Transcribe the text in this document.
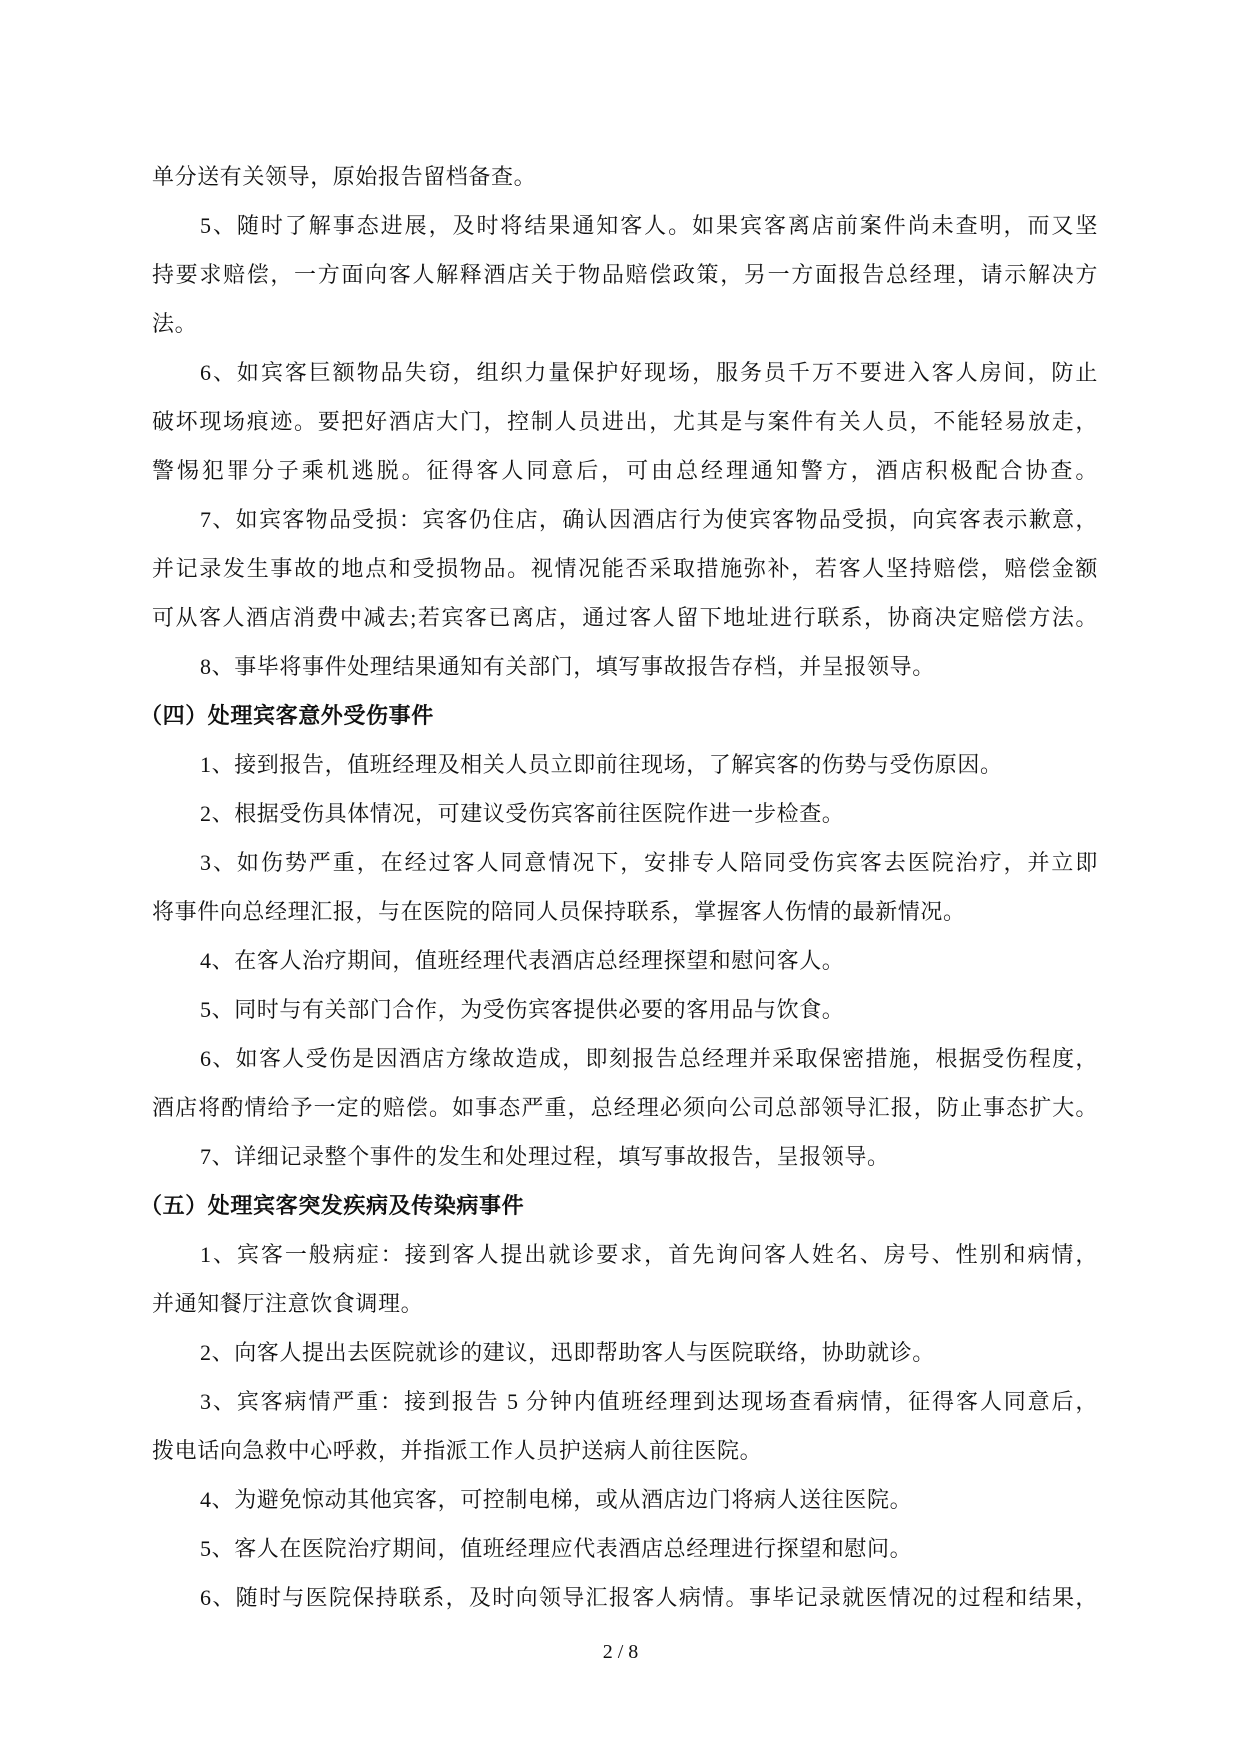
单分送有关领导，原始报告留档备查。
5、随时了解事态进展，及时将结果通知客人。如果宾客离店前案件尚未查明，而又坚
持要求赔偿，一方面向客人解释酒店关于物品赔偿政策，另一方面报告总经理，请示解决方
法。
6、如宾客巨额物品失窃，组织力量保护好现场，服务员千万不要进入客人房间，防止
破坏现场痕迹。要把好酒店大门，控制人员进出，尤其是与案件有关人员，不能轻易放走，
警惕犯罪分子乘机逃脱。征得客人同意后，可由总经理通知警方，酒店积极配合协查。
7、如宾客物品受损：宾客仍住店，确认因酒店行为使宾客物品受损，向宾客表示歉意，
并记录发生事故的地点和受损物品。视情况能否采取措施弥补，若客人坚持赔偿，赔偿金额
可从客人酒店消费中减去;若宾客已离店，通过客人留下地址进行联系，协商决定赔偿方法。
8、事毕将事件处理结果通知有关部门，填写事故报告存档，并呈报领导。
（四）处理宾客意外受伤事件
1、接到报告，值班经理及相关人员立即前往现场，了解宾客的伤势与受伤原因。
2、根据受伤具体情况，可建议受伤宾客前往医院作进一步检查。
3、如伤势严重，在经过客人同意情况下，安排专人陪同受伤宾客去医院治疗，并立即
将事件向总经理汇报，与在医院的陪同人员保持联系，掌握客人伤情的最新情况。
4、在客人治疗期间，值班经理代表酒店总经理探望和慰问客人。
5、同时与有关部门合作，为受伤宾客提供必要的客用品与饮食。
6、如客人受伤是因酒店方缘故造成，即刻报告总经理并采取保密措施，根据受伤程度，
酒店将酌情给予一定的赔偿。如事态严重，总经理必须向公司总部领导汇报，防止事态扩大。
7、详细记录整个事件的发生和处理过程，填写事故报告，呈报领导。
（五）处理宾客突发疾病及传染病事件
1、宾客一般病症：接到客人提出就诊要求，首先询问客人姓名、房号、性别和病情，
并通知餐厅注意饮食调理。
2、向客人提出去医院就诊的建议，迅即帮助客人与医院联络，协助就诊。
3、宾客病情严重：接到报告 5 分钟内值班经理到达现场查看病情，征得客人同意后，
拨电话向急救中心呼救，并指派工作人员护送病人前往医院。
4、为避免惊动其他宾客，可控制电梯，或从酒店边门将病人送往医院。
5、客人在医院治疗期间，值班经理应代表酒店总经理进行探望和慰问。
6、随时与医院保持联系，及时向领导汇报客人病情。事毕记录就医情况的过程和结果，
2 / 8
